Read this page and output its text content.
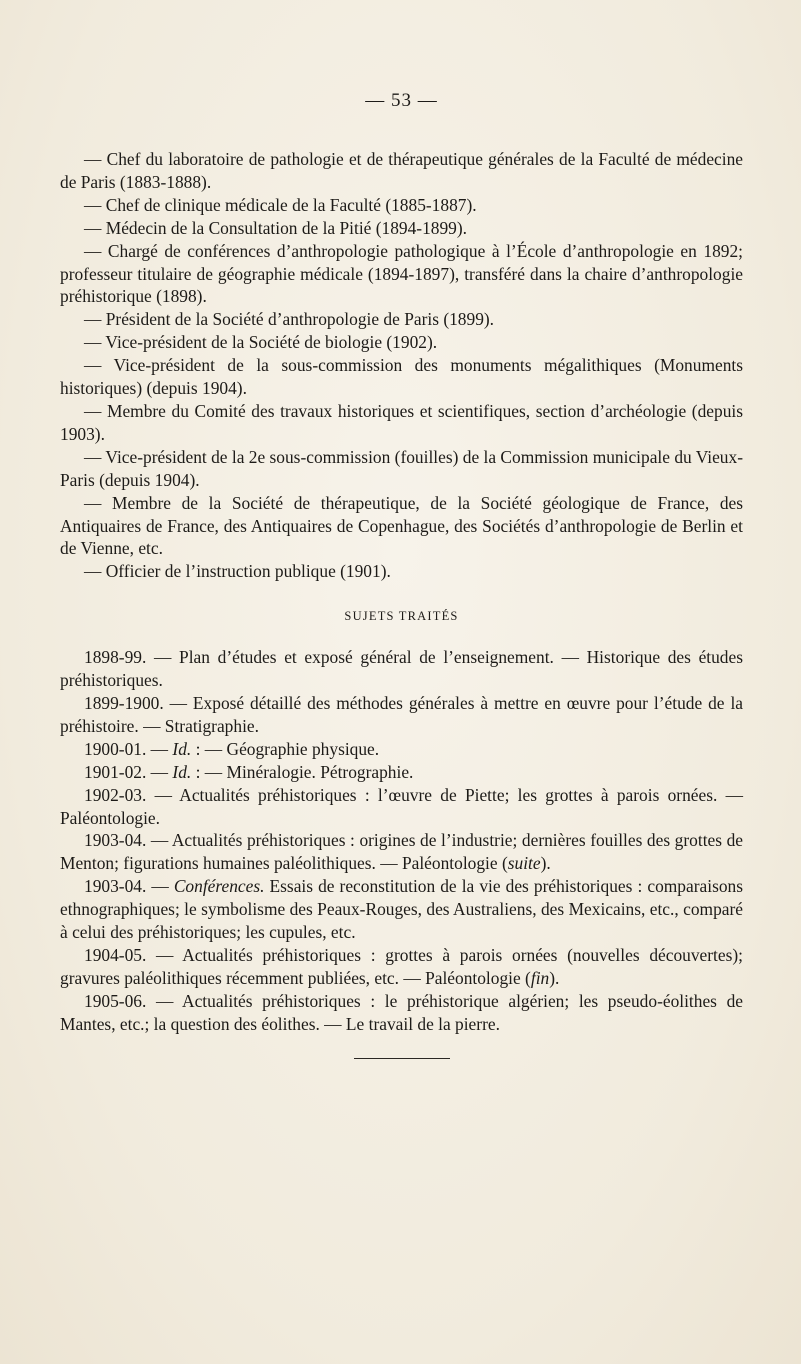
— 53 —

— Chef du laboratoire de pathologie et de thérapeutique générales de la Faculté de médecine de Paris (1883-1888).

— Chef de clinique médicale de la Faculté (1885-1887).

— Médecin de la Consultation de la Pitié (1894-1899).

— Chargé de conférences d’anthropologie pathologique à l’École d’anthropologie en 1892; professeur titulaire de géographie médicale (1894-1897), transféré dans la chaire d’anthropologie préhistorique (1898).

— Président de la Société d’anthropologie de Paris (1899).

— Vice-président de la Société de biologie (1902).

— Vice-président de la sous-commission des monuments mégalithiques (Monuments historiques) (depuis 1904).

— Membre du Comité des travaux historiques et scientifiques, section d’archéologie (depuis 1903).

— Vice-président de la 2e sous-commission (fouilles) de la Commission municipale du Vieux-Paris (depuis 1904).

— Membre de la Société de thérapeutique, de la Société géologique de France, des Antiquaires de France, des Antiquaires de Copenhague, des Sociétés d’anthropologie de Berlin et de Vienne, etc.

— Officier de l’instruction publique (1901).

SUJETS TRAITÉS

1898-99. — Plan d’études et exposé général de l’enseignement. — Historique des études préhistoriques.

1899-1900. — Exposé détaillé des méthodes générales à mettre en œuvre pour l’étude de la préhistoire. — Stratigraphie.

1900-01. — Id. : — Géographie physique.

1901-02. — Id. : — Minéralogie. Pétrographie.

1902-03. — Actualités préhistoriques : l’œuvre de Piette; les grottes à parois ornées. — Paléontologie.

1903-04. — Actualités préhistoriques : origines de l’industrie; dernières fouilles des grottes de Menton; figurations humaines paléolithiques. — Paléontologie (suite).

1903-04. — Conférences. Essais de reconstitution de la vie des préhistoriques : comparaisons ethnographiques; le symbolisme des Peaux-Rouges, des Australiens, des Mexicains, etc., comparé à celui des préhistoriques; les cupules, etc.

1904-05. — Actualités préhistoriques : grottes à parois ornées (nouvelles découvertes); gravures paléolithiques récemment publiées, etc. — Paléontologie (fin).

1905-06. — Actualités préhistoriques : le préhistorique algérien; les pseudo-éolithes de Mantes, etc.; la question des éolithes. — Le travail de la pierre.
